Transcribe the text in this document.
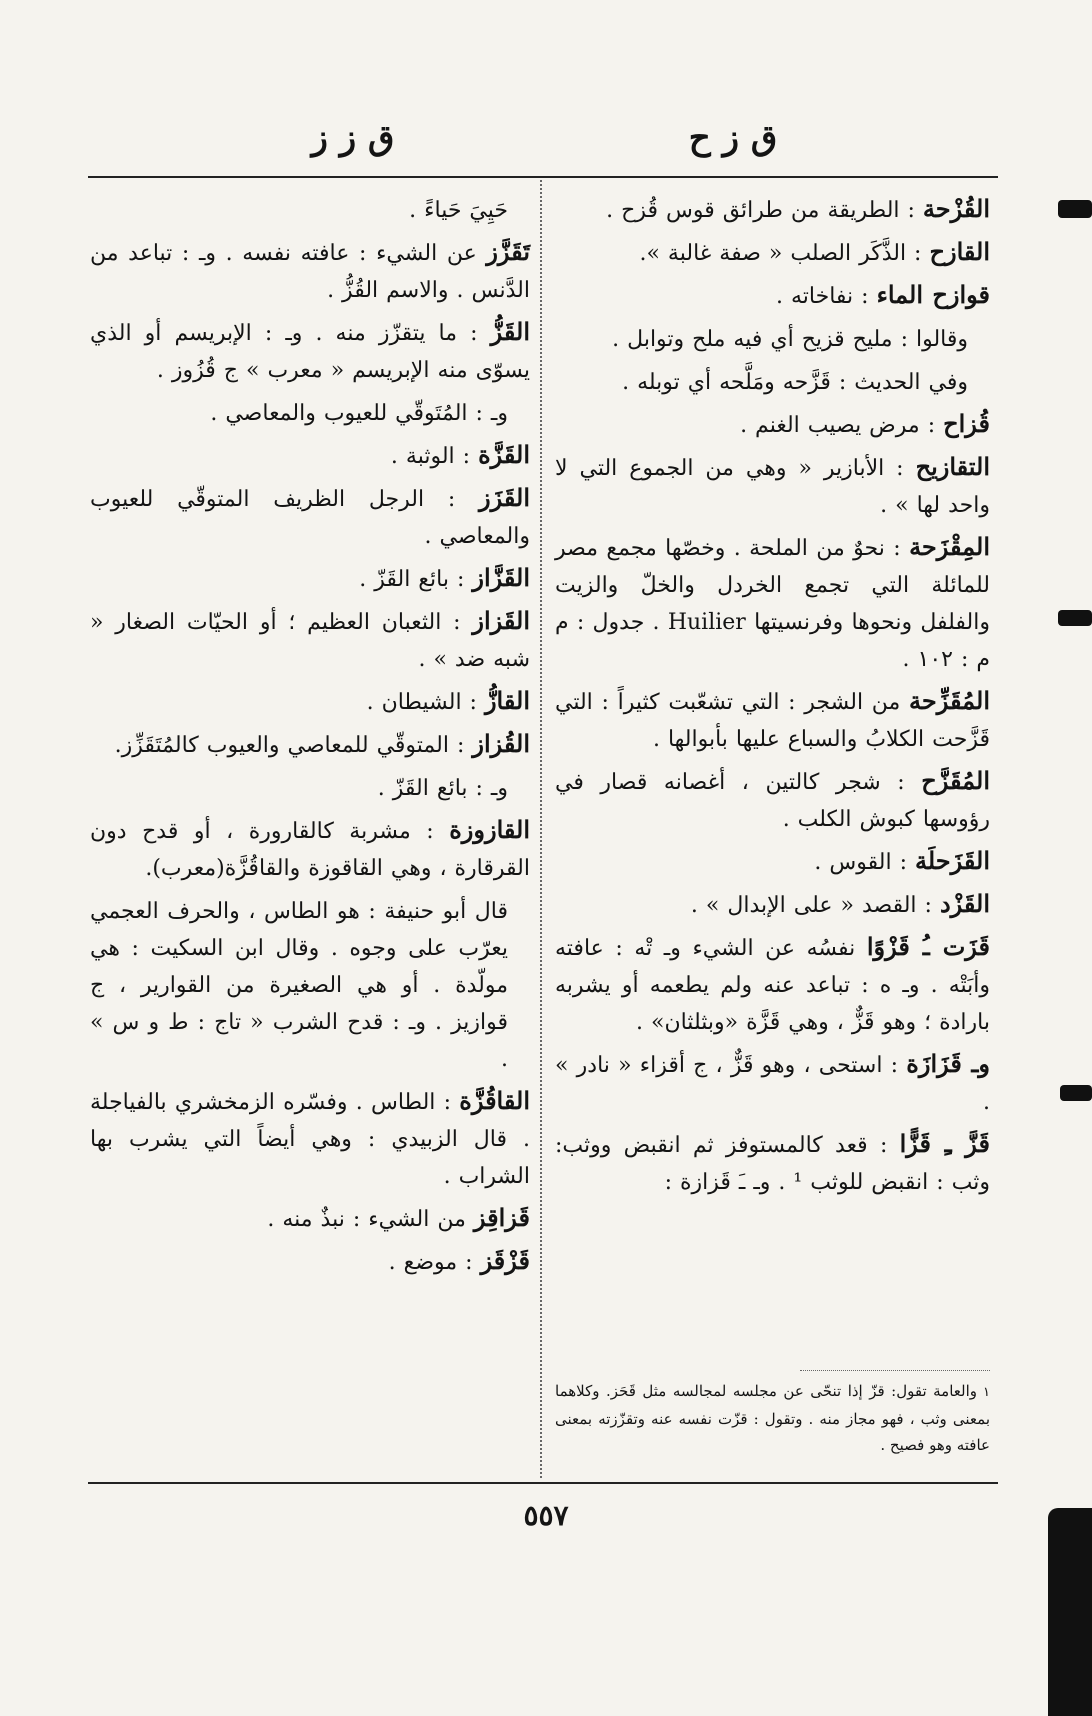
ق ز ز	ق ز ح

القُزْحة : الطريقة من طرائق قوس قُزح .

القازح : الذَّكَر الصلب « صفة غالبة ».

قوازح الماء : نفاخاته .

وقالوا : مليح قزيح أي فيه ملح وتوابل .

وفي الحديث : قَزَّحه ومَلَّحه أي توبله .

قُزاح : مرض يصيب الغنم .

التقازيح : الأبازير « وهي من الجموع التي لا واحد لها » .

المِقْزَحة : نحوٌ من الملحة . وخصّها مجمع مصر للمائلة التي تجمع الخردل والخلّ والزيت والفلفل ونحوها وفرنسيتها Huilier . جدول : م م : ١٠٢ .

المُقَزِّحة من الشجر : التي تشعّبت كثيراً : التي قَزَّحت الكلابُ والسباع عليها بأبوالها .

المُقَزَّح : شجر كالتين ، أغصانه قصار في رؤوسها كبوش الكلب .

القَزَحلَة : القوس .

القَزْد : القصد « على الإبدال » .

قَزَت ـُ قَزْوًا نفسُه عن الشيء وـ تْه : عافته وأبَتْه . وـ ه : تباعد عنه ولم يطعمه أو يشربه بارادة ؛ وهو قَزٌّ ، وهي قَزَّة «وبثلثان» .

وـ قَزَازَة : استحى ، وهو قَزٌّ ، ج أقزاء « نادر » .

قَزَّ ـِ قَزًّا : قعد كالمستوفز ثم انقبض ووثب: وثب : انقبض للوثب ¹ . وـ ـَ قَزازة :

حَيِيَ حَياءً .

تَقَزَّز عن الشيء : عافته نفسه . وـ : تباعد من الدَّنس . والاسم القُزُّ .

القَزُّ : ما يتقزّز منه . وـ : الإبريسم أو الذي يسوّى منه الإبريسم « معرب » ج قُزُوز .

وـ : المُتَوقّي للعيوب والمعاصي .

القَزَّة : الوثبة .

القَزَز : الرجل الظريف المتوقّي للعيوب والمعاصي .

القَزَّاز : بائع القَزّ .

القَزاز : الثعبان العظيم ؛ أو الحيّات الصغار « شبه ضد » .

القازُّ : الشيطان .

القُزاز : المتوقّي للمعاصي والعيوب كالمُتَقَزِّز.

وـ : بائع القَزّ .

القازوزة : مشربة كالقارورة ، أو قدح دون القرقارة ، وهي القاقوزة والقاقُزَّة(معرب).

قال أبو حنيفة : هو الطاس ، والحرف العجمي يعرّب على وجوه . وقال ابن السكيت : هي مولّدة . أو هي الصغيرة من القوارير ، ج قوازيز . وـ : قدح الشرب « تاج : ط و س » .

القاقُزَّة : الطاس . وفسّره الزمخشري بالفياجلة . قال الزبيدي : وهي أيضاً التي يشرب بها الشراب .

قَزاقِز من الشيء : نبذٌ منه .

قَزْقَز : موضع .

١والعامة تقول: قزّ إذا تنحّى عن مجلسه لمجالسه مثل قَحَز. وكلاهما بمعنى وثب ، فهو مجاز منه . وتقول : قزّت نفسه عنه وتقزّزته بمعنى عافته وهو فصيح .
٥٥٧
